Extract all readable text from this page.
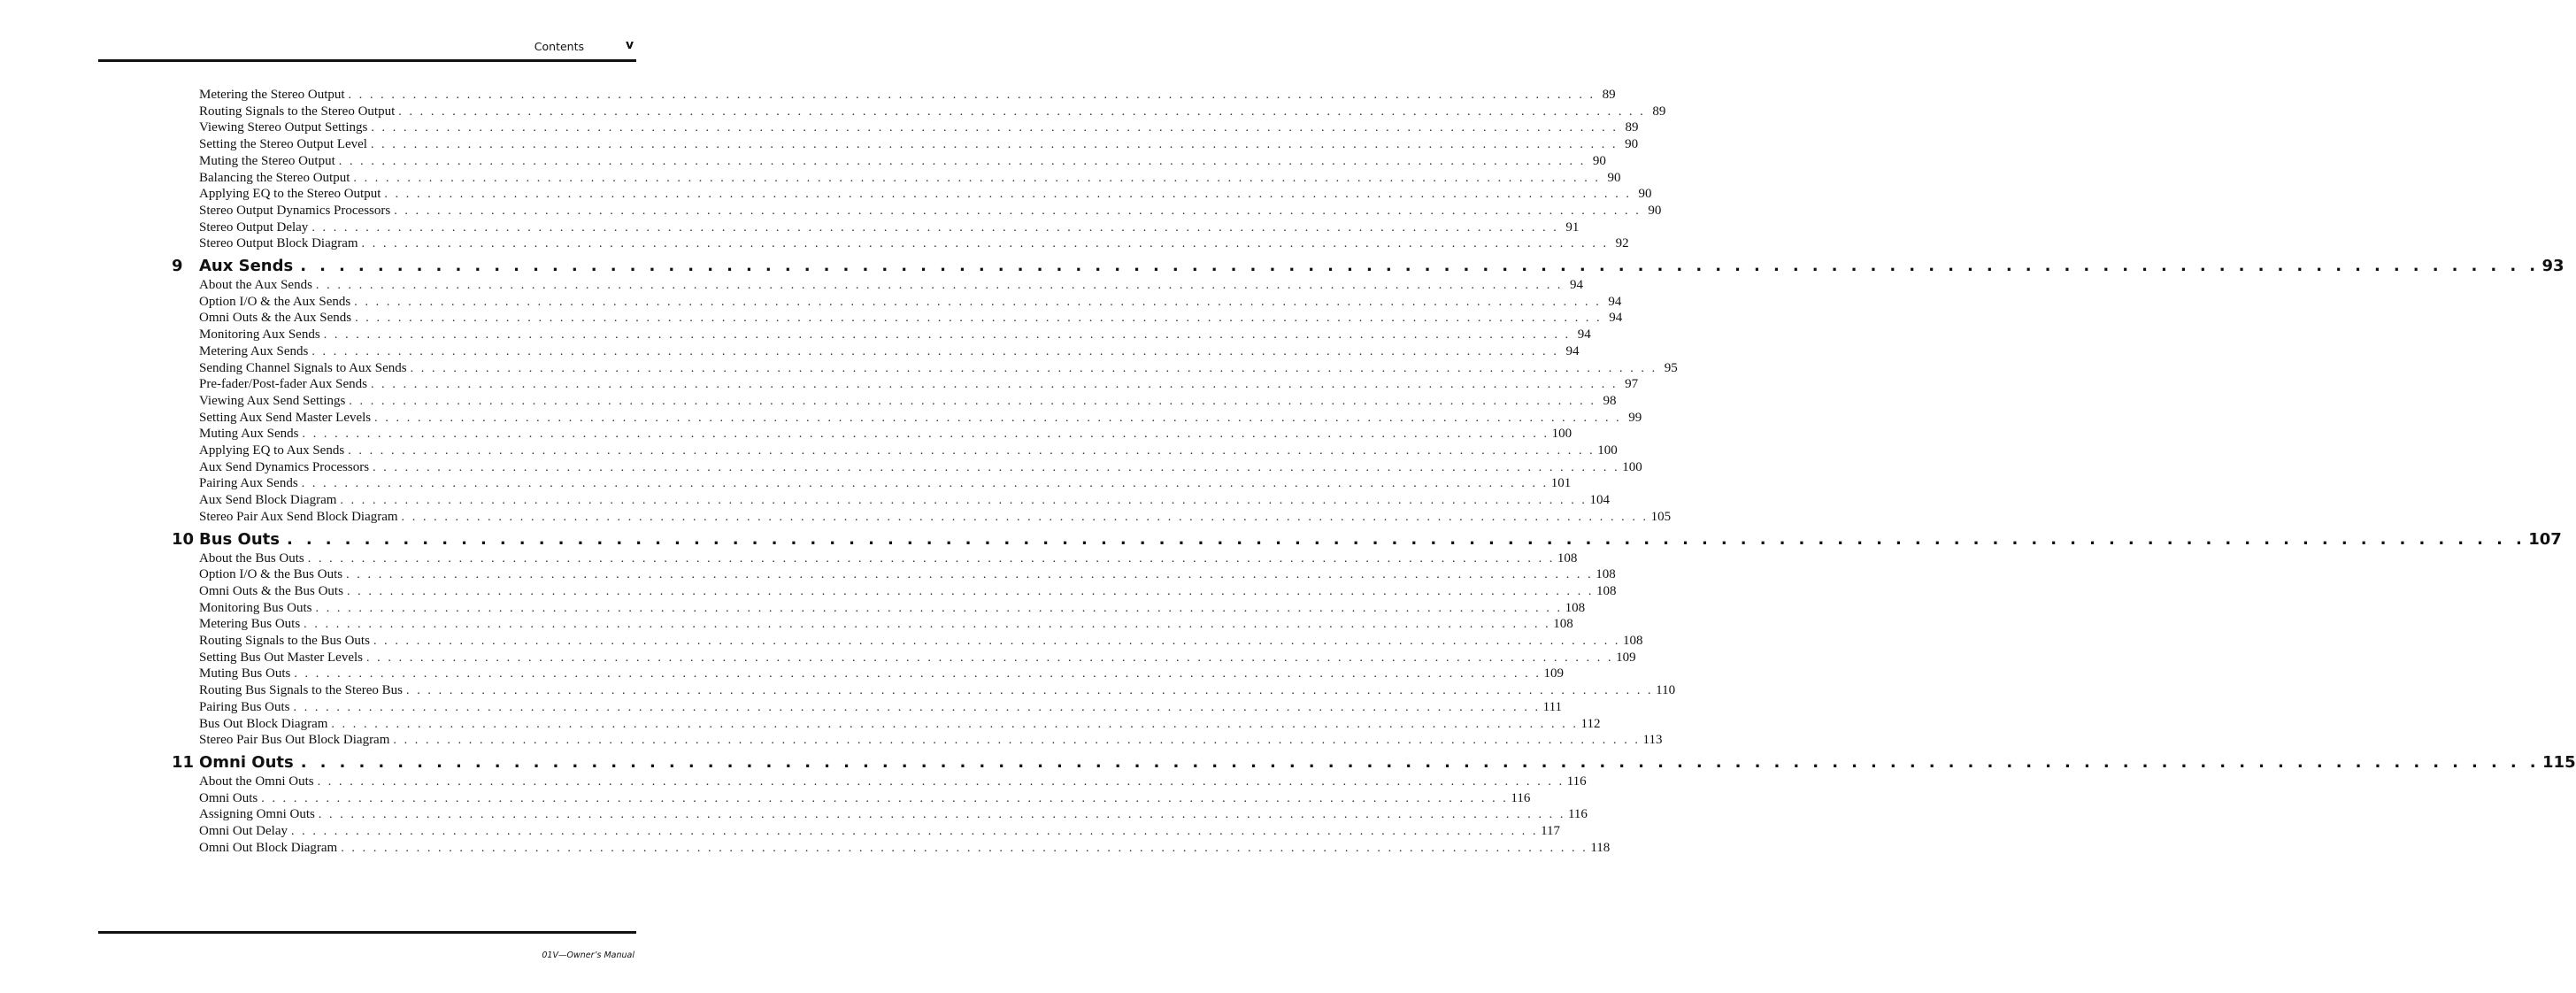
Contents	v
Metering the Stereo Output . . . . . . . . . . . . . . . . . . . . . . . . . . . . . . . . . . . . . . . . . . . . . . . . . . . . . . . . . . . . . . . . . . . . . . . . . . . . . . . . . . . . . . . . . . . . . . . . . . . . . . . . . . . . . . . . . . . . 89
Routing Signals to the Stereo Output . . . . . . . . . . . . . . . . . . . . . . . . . . . . . . . . . . . . . . . . . . . . . . . . . . . . . . . . . . . . . . . . . . . . . . . . . . . . . . . . . . . . . . . . . . . . . . . . . . . . . . . . . . . . . . . . . . . . 89
Viewing Stereo Output Settings . . . . . . . . . . . . . . . . . . . . . . . . . . . . . . . . . . . . . . . . . . . . . . . . . . . . . . . . . . . . . . . . . . . . . . . . . . . . . . . . . . . . . . . . . . . . . . . . . . . . . . . . . . . . . . . . . . . . 89
Setting the Stereo Output Level . . . . . . . . . . . . . . . . . . . . . . . . . . . . . . . . . . . . . . . . . . . . . . . . . . . . . . . . . . . . . . . . . . . . . . . . . . . . . . . . . . . . . . . . . . . . . . . . . . . . . . . . . . . . . . . . . . . . 90
Muting the Stereo Output . . . . . . . . . . . . . . . . . . . . . . . . . . . . . . . . . . . . . . . . . . . . . . . . . . . . . . . . . . . . . . . . . . . . . . . . . . . . . . . . . . . . . . . . . . . . . . . . . . . . . . . . . . . . . . . . . . . . 90
Balancing the Stereo Output . . . . . . . . . . . . . . . . . . . . . . . . . . . . . . . . . . . . . . . . . . . . . . . . . . . . . . . . . . . . . . . . . . . . . . . . . . . . . . . . . . . . . . . . . . . . . . . . . . . . . . . . . . . . . . . . . . . . 90
Applying EQ to the Stereo Output . . . . . . . . . . . . . . . . . . . . . . . . . . . . . . . . . . . . . . . . . . . . . . . . . . . . . . . . . . . . . . . . . . . . . . . . . . . . . . . . . . . . . . . . . . . . . . . . . . . . . . . . . . . . . . . . . . . . 90
Stereo Output Dynamics Processors . . . . . . . . . . . . . . . . . . . . . . . . . . . . . . . . . . . . . . . . . . . . . . . . . . . . . . . . . . . . . . . . . . . . . . . . . . . . . . . . . . . . . . . . . . . . . . . . . . . . . . . . . . . . . . . . . . . . 90
Stereo Output Delay . . . . . . . . . . . . . . . . . . . . . . . . . . . . . . . . . . . . . . . . . . . . . . . . . . . . . . . . . . . . . . . . . . . . . . . . . . . . . . . . . . . . . . . . . . . . . . . . . . . . . . . . . . . . . . . . . . . . 91
Stereo Output Block Diagram . . . . . . . . . . . . . . . . . . . . . . . . . . . . . . . . . . . . . . . . . . . . . . . . . . . . . . . . . . . . . . . . . . . . . . . . . . . . . . . . . . . . . . . . . . . . . . . . . . . . . . . . . . . . . . . . . . . . 92
9	Aux Sends . . . . . . . . . . . . . . . . . . . . . . . . . . . . . . . . . . . . . . . . . . . . . . . . . . . . . . . . . . . . . . . . . . . . . . . . . . . . . . . . . . . . . . . . . . . . . . . . . . . . . . . . . . . . . . . . . . . . 93
About the Aux Sends . . . . . . . . . . . . . . . . . . . . . . . . . . . . . . . . . . . . . . . . . . . . . . . . . . . . . . . . . . . . . . . . . . . . . . . . . . . . . . . . . . . . . . . . . . . . . . . . . . . . . . . . . . . . . . . . . . . . 94
Option I/O & the Aux Sends . . . . . . . . . . . . . . . . . . . . . . . . . . . . . . . . . . . . . . . . . . . . . . . . . . . . . . . . . . . . . . . . . . . . . . . . . . . . . . . . . . . . . . . . . . . . . . . . . . . . . . . . . . . . . . . . . . . . 94
Omni Outs & the Aux Sends . . . . . . . . . . . . . . . . . . . . . . . . . . . . . . . . . . . . . . . . . . . . . . . . . . . . . . . . . . . . . . . . . . . . . . . . . . . . . . . . . . . . . . . . . . . . . . . . . . . . . . . . . . . . . . . . . . . . 94
Monitoring Aux Sends . . . . . . . . . . . . . . . . . . . . . . . . . . . . . . . . . . . . . . . . . . . . . . . . . . . . . . . . . . . . . . . . . . . . . . . . . . . . . . . . . . . . . . . . . . . . . . . . . . . . . . . . . . . . . . . . . . . . 94
Metering Aux Sends . . . . . . . . . . . . . . . . . . . . . . . . . . . . . . . . . . . . . . . . . . . . . . . . . . . . . . . . . . . . . . . . . . . . . . . . . . . . . . . . . . . . . . . . . . . . . . . . . . . . . . . . . . . . . . . . . . . . 94
Sending Channel Signals to Aux Sends . . . . . . . . . . . . . . . . . . . . . . . . . . . . . . . . . . . . . . . . . . . . . . . . . . . . . . . . . . . . . . . . . . . . . . . . . . . . . . . . . . . . . . . . . . . . . . . . . . . . . . . . . . . . . . . . . . . . 95
Pre-fader/Post-fader Aux Sends . . . . . . . . . . . . . . . . . . . . . . . . . . . . . . . . . . . . . . . . . . . . . . . . . . . . . . . . . . . . . . . . . . . . . . . . . . . . . . . . . . . . . . . . . . . . . . . . . . . . . . . . . . . . . . . . . . . . 97
Viewing Aux Send Settings . . . . . . . . . . . . . . . . . . . . . . . . . . . . . . . . . . . . . . . . . . . . . . . . . . . . . . . . . . . . . . . . . . . . . . . . . . . . . . . . . . . . . . . . . . . . . . . . . . . . . . . . . . . . . . . . . . . . 98
Setting Aux Send Master Levels . . . . . . . . . . . . . . . . . . . . . . . . . . . . . . . . . . . . . . . . . . . . . . . . . . . . . . . . . . . . . . . . . . . . . . . . . . . . . . . . . . . . . . . . . . . . . . . . . . . . . . . . . . . . . . . . . . . . 99
Muting Aux Sends . . . . . . . . . . . . . . . . . . . . . . . . . . . . . . . . . . . . . . . . . . . . . . . . . . . . . . . . . . . . . . . . . . . . . . . . . . . . . . . . . . . . . . . . . . . . . . . . . . . . . . . . . . . . . . . . . . . . 100
Applying EQ to Aux Sends . . . . . . . . . . . . . . . . . . . . . . . . . . . . . . . . . . . . . . . . . . . . . . . . . . . . . . . . . . . . . . . . . . . . . . . . . . . . . . . . . . . . . . . . . . . . . . . . . . . . . . . . . . . . . . . . . . . . 100
Aux Send Dynamics Processors . . . . . . . . . . . . . . . . . . . . . . . . . . . . . . . . . . . . . . . . . . . . . . . . . . . . . . . . . . . . . . . . . . . . . . . . . . . . . . . . . . . . . . . . . . . . . . . . . . . . . . . . . . . . . . . . . . . . 100
Pairing Aux Sends . . . . . . . . . . . . . . . . . . . . . . . . . . . . . . . . . . . . . . . . . . . . . . . . . . . . . . . . . . . . . . . . . . . . . . . . . . . . . . . . . . . . . . . . . . . . . . . . . . . . . . . . . . . . . . . . . . . . 101
Aux Send Block Diagram . . . . . . . . . . . . . . . . . . . . . . . . . . . . . . . . . . . . . . . . . . . . . . . . . . . . . . . . . . . . . . . . . . . . . . . . . . . . . . . . . . . . . . . . . . . . . . . . . . . . . . . . . . . . . . . . . . . . 104
Stereo Pair Aux Send Block Diagram . . . . . . . . . . . . . . . . . . . . . . . . . . . . . . . . . . . . . . . . . . . . . . . . . . . . . . . . . . . . . . . . . . . . . . . . . . . . . . . . . . . . . . . . . . . . . . . . . . . . . . . . . . . . . . . . . . . . 105
10 Bus Outs . . . . . . . . . . . . . . . . . . . . . . . . . . . . . . . . . . . . . . . . . . . . . . . . . . . . . . . . . . . . . . . . . . . . . . . . . . . . . . . . . . . . . . . . . . . . . . . . . . . . . . . . . . . . . . . . . . . . 107
About the Bus Outs . . . . . . . . . . . . . . . . . . . . . . . . . . . . . . . . . . . . . . . . . . . . . . . . . . . . . . . . . . . . . . . . . . . . . . . . . . . . . . . . . . . . . . . . . . . . . . . . . . . . . . . . . . . . . . . . . . . . 108
Option I/O & the Bus Outs . . . . . . . . . . . . . . . . . . . . . . . . . . . . . . . . . . . . . . . . . . . . . . . . . . . . . . . . . . . . . . . . . . . . . . . . . . . . . . . . . . . . . . . . . . . . . . . . . . . . . . . . . . . . . . . . . . . . 108
Omni Outs & the Bus Outs . . . . . . . . . . . . . . . . . . . . . . . . . . . . . . . . . . . . . . . . . . . . . . . . . . . . . . . . . . . . . . . . . . . . . . . . . . . . . . . . . . . . . . . . . . . . . . . . . . . . . . . . . . . . . . . . . . . . 108
Monitoring Bus Outs . . . . . . . . . . . . . . . . . . . . . . . . . . . . . . . . . . . . . . . . . . . . . . . . . . . . . . . . . . . . . . . . . . . . . . . . . . . . . . . . . . . . . . . . . . . . . . . . . . . . . . . . . . . . . . . . . . . . 108
Metering Bus Outs . . . . . . . . . . . . . . . . . . . . . . . . . . . . . . . . . . . . . . . . . . . . . . . . . . . . . . . . . . . . . . . . . . . . . . . . . . . . . . . . . . . . . . . . . . . . . . . . . . . . . . . . . . . . . . . . . . . . 108
Routing Signals to the Bus Outs . . . . . . . . . . . . . . . . . . . . . . . . . . . . . . . . . . . . . . . . . . . . . . . . . . . . . . . . . . . . . . . . . . . . . . . . . . . . . . . . . . . . . . . . . . . . . . . . . . . . . . . . . . . . . . . . . . . . 108
Setting Bus Out Master Levels . . . . . . . . . . . . . . . . . . . . . . . . . . . . . . . . . . . . . . . . . . . . . . . . . . . . . . . . . . . . . . . . . . . . . . . . . . . . . . . . . . . . . . . . . . . . . . . . . . . . . . . . . . . . . . . . . . . . 109
Muting Bus Outs . . . . . . . . . . . . . . . . . . . . . . . . . . . . . . . . . . . . . . . . . . . . . . . . . . . . . . . . . . . . . . . . . . . . . . . . . . . . . . . . . . . . . . . . . . . . . . . . . . . . . . . . . . . . . . . . . . . . 109
Routing Bus Signals to the Stereo Bus . . . . . . . . . . . . . . . . . . . . . . . . . . . . . . . . . . . . . . . . . . . . . . . . . . . . . . . . . . . . . . . . . . . . . . . . . . . . . . . . . . . . . . . . . . . . . . . . . . . . . . . . . . . . . . . . . . . . 110
Pairing Bus Outs . . . . . . . . . . . . . . . . . . . . . . . . . . . . . . . . . . . . . . . . . . . . . . . . . . . . . . . . . . . . . . . . . . . . . . . . . . . . . . . . . . . . . . . . . . . . . . . . . . . . . . . . . . . . . . . . . . . . 111
Bus Out Block Diagram . . . . . . . . . . . . . . . . . . . . . . . . . . . . . . . . . . . . . . . . . . . . . . . . . . . . . . . . . . . . . . . . . . . . . . . . . . . . . . . . . . . . . . . . . . . . . . . . . . . . . . . . . . . . . . . . . . . . 112
Stereo Pair Bus Out Block Diagram . . . . . . . . . . . . . . . . . . . . . . . . . . . . . . . . . . . . . . . . . . . . . . . . . . . . . . . . . . . . . . . . . . . . . . . . . . . . . . . . . . . . . . . . . . . . . . . . . . . . . . . . . . . . . . . . . . . . 113
11 Omni Outs . . . . . . . . . . . . . . . . . . . . . . . . . . . . . . . . . . . . . . . . . . . . . . . . . . . . . . . . . . . . . . . . . . . . . . . . . . . . . . . . . . . . . . . . . . . . . . . . . . . . . . . . . . . . . . . . . . . . 115
About the Omni Outs . . . . . . . . . . . . . . . . . . . . . . . . . . . . . . . . . . . . . . . . . . . . . . . . . . . . . . . . . . . . . . . . . . . . . . . . . . . . . . . . . . . . . . . . . . . . . . . . . . . . . . . . . . . . . . . . . . . . 116
Omni Outs . . . . . . . . . . . . . . . . . . . . . . . . . . . . . . . . . . . . . . . . . . . . . . . . . . . . . . . . . . . . . . . . . . . . . . . . . . . . . . . . . . . . . . . . . . . . . . . . . . . . . . . . . . . . . . . . . . . . 116
Assigning Omni Outs . . . . . . . . . . . . . . . . . . . . . . . . . . . . . . . . . . . . . . . . . . . . . . . . . . . . . . . . . . . . . . . . . . . . . . . . . . . . . . . . . . . . . . . . . . . . . . . . . . . . . . . . . . . . . . . . . . . . 116
Omni Out Delay . . . . . . . . . . . . . . . . . . . . . . . . . . . . . . . . . . . . . . . . . . . . . . . . . . . . . . . . . . . . . . . . . . . . . . . . . . . . . . . . . . . . . . . . . . . . . . . . . . . . . . . . . . . . . . . . . . . . 117
Omni Out Block Diagram . . . . . . . . . . . . . . . . . . . . . . . . . . . . . . . . . . . . . . . . . . . . . . . . . . . . . . . . . . . . . . . . . . . . . . . . . . . . . . . . . . . . . . . . . . . . . . . . . . . . . . . . . . . . . . . . . . . . 118
01V—Owner’s Manual
